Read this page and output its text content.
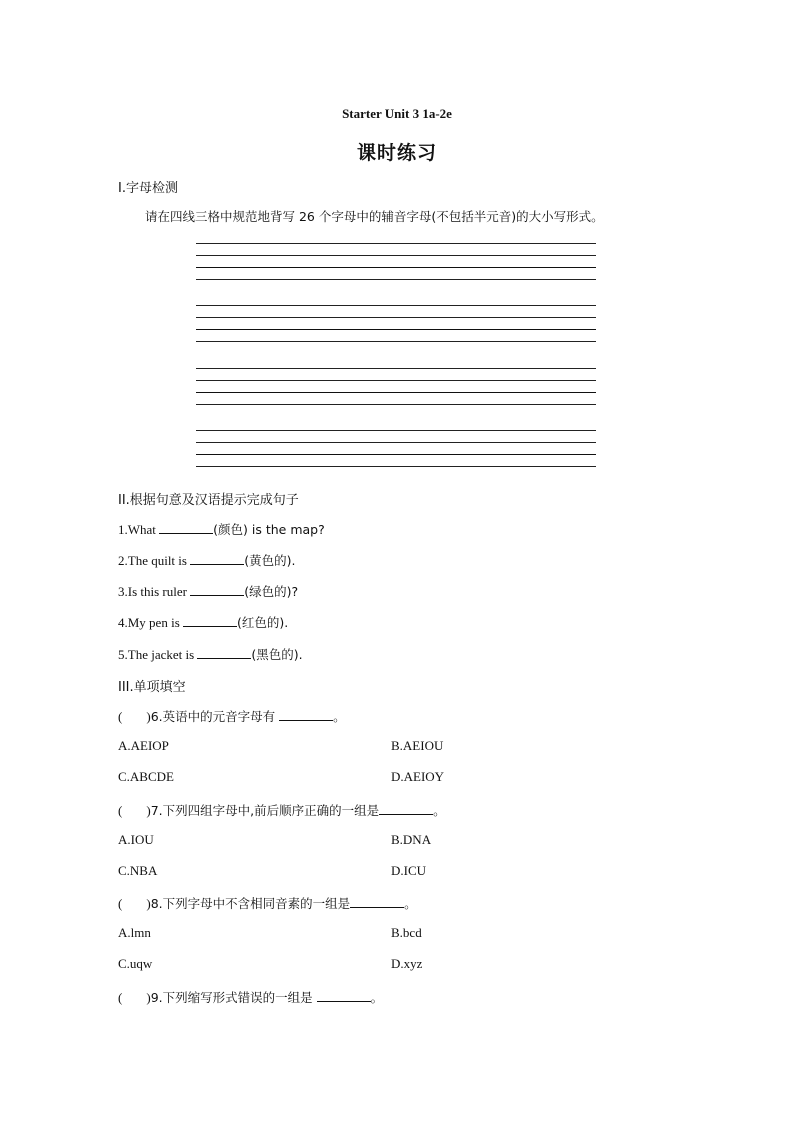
Starter Unit 3 1a-2e
课时练习
I.字母检测
请在四线三格中规范地背写 26 个字母中的辅音字母(不包括半元音)的大小写形式。
II.根据句意及汉语提示完成句子
1.What	(颜色) is the map?
2.The quilt is	(黄色的).
3.Is this ruler	(绿色的)?
4.My pen is	(红色的).
5.The jacket is	(黑色的).
III.单项填空
( )6.英语中的元音字母有	。
A.AEIOP	B.AEIOU
C.ABCDE	D.AEIOY
( )7.下列四组字母中,前后顺序正确的一组是	。
A.IOU	B.DNA
C.NBA	D.ICU
( )8.下列字母中不含相同音素的一组是	。
A.lmn	B.bcd
C.uqw	D.xyz
( )9.下列缩写形式错误的一组是	。
